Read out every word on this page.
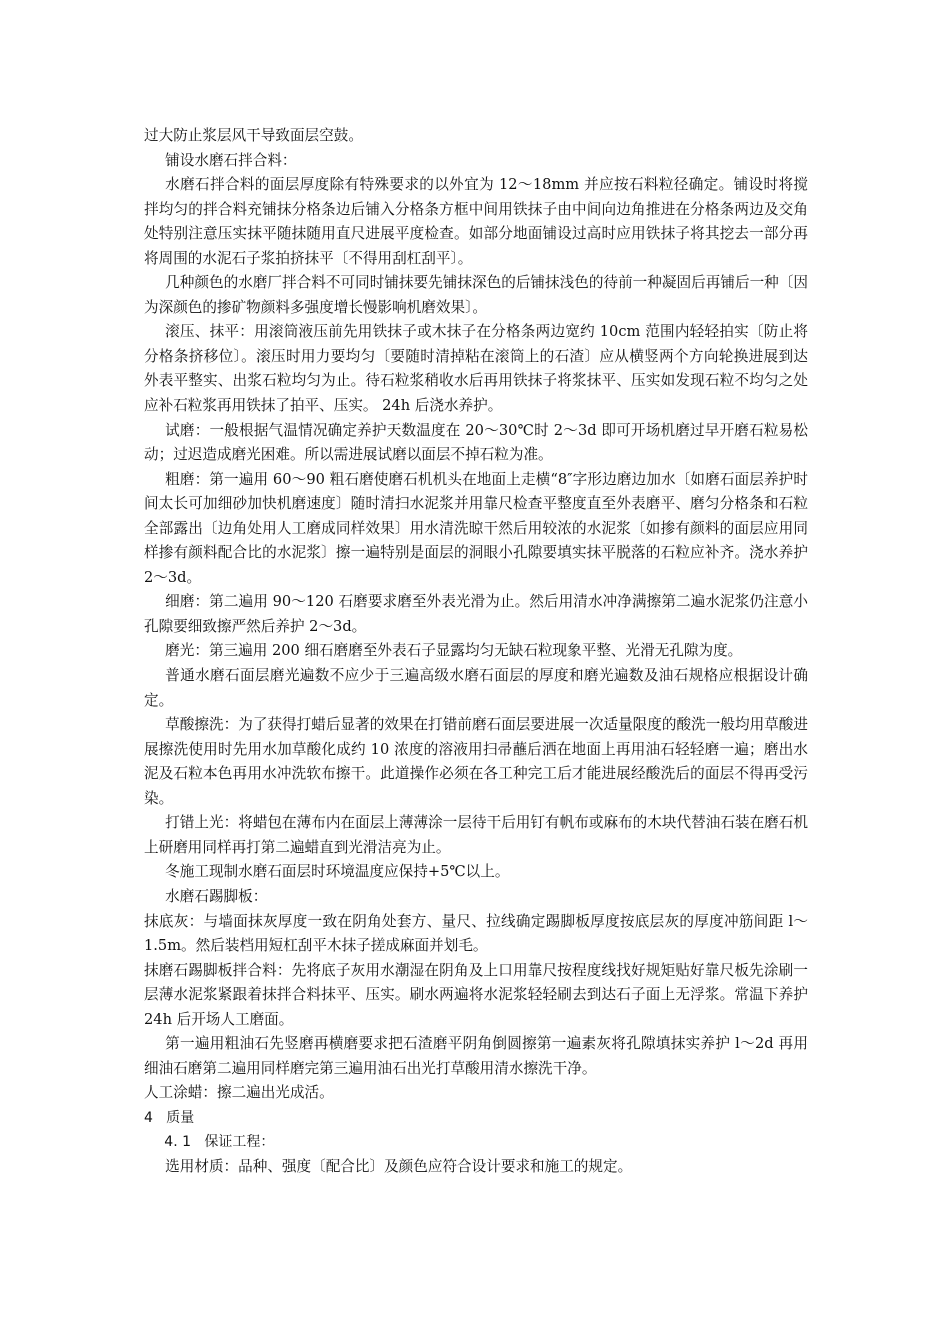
过大防止浆层风干导致面层空鼓。

铺设水磨石拌合料：

水磨石拌合料的面层厚度除有特殊要求的以外宜为 12～18mm 并应按石料粒径确定。铺设时将搅拌均匀的拌合料充铺抹分格条边后铺入分格条方框中间用铁抹子由中间向边角推进在分格条两边及交角处特别注意压实抹平随抹随用直尺进展平度检查。如部分地面铺设过高时应用铁抹子将其挖去一部分再将周围的水泥石子浆拍挤抹平〔不得用刮杠刮平〕。

几种颜色的水磨厂拌合料不可同时铺抹要先铺抹深色的后铺抹浅色的待前一种凝固后再铺后一种〔因为深颜色的掺矿物颜料多强度增长慢影响机磨效果〕。

滚压、抹平：用滚筒液压前先用铁抹子或木抹子在分格条两边宽约 10cm 范围内轻轻拍实〔防止将分格条挤移位〕。滚压时用力要均匀〔要随时清掉粘在滚筒上的石渣〕应从横竖两个方向轮换进展到达外表平整实、出浆石粒均匀为止。待石粒浆稍收水后再用铁抹子将浆抹平、压实如发现石粒不均匀之处应补石粒浆再用铁抹了拍平、压实。 24h 后浇水养护。

试磨：一般根据气温情况确定养护天数温度在 20～30℃时 2～3d 即可开场机磨过早开磨石粒易松动；过迟造成磨光困难。所以需进展试磨以面层不掉石粒为准。

粗磨：第一遍用 60～90 粗石磨使磨石机机头在地面上走横“8″字形边磨边加水〔如磨石面层养护时间太长可加细砂加快机磨速度〕随时清扫水泥浆并用靠尺检查平整度直至外表磨平、磨匀分格条和石粒全部露出〔边角处用人工磨成同样效果〕用水清洗晾干然后用较浓的水泥浆〔如掺有颜料的面层应用同样掺有颜料配合比的水泥浆〕擦一遍特别是面层的洞眼小孔隙要填实抹平脱落的石粒应补齐。浇水养护 2～3d。

细磨：第二遍用 90～120 石磨要求磨至外表光滑为止。然后用清水冲净满擦第二遍水泥浆仍注意小孔隙要细致擦严然后养护 2～3d。

磨光：第三遍用 200 细石磨磨至外表石子显露均匀无缺石粒现象平整、光滑无孔隙为度。

普通水磨石面层磨光遍数不应少于三遍高级水磨石面层的厚度和磨光遍数及油石规格应根据设计确定。

草酸擦洗：为了获得打蜡后显著的效果在打错前磨石面层要进展一次适量限度的酸洗一般均用草酸进展擦洗使用时先用水加草酸化成约 10 浓度的溶液用扫帚蘸后洒在地面上再用油石轻轻磨一遍；磨出水泥及石粒本色再用水冲洗软布擦干。此道操作必须在各工种完工后才能进展经酸洗后的面层不得再受污染。

打错上光：将蜡包在薄布内在面层上薄薄涂一层待干后用钉有帆布或麻布的木块代替油石装在磨石机上研磨用同样再打第二遍蜡直到光滑洁亮为止。

冬施工现制水磨石面层时环境温度应保持+5℃以上。

水磨石踢脚板：

抹底灰：与墙面抹灰厚度一致在阴角处套方、量尺、拉线确定踢脚板厚度按底层灰的厚度冲筋间距 l～1.5m。然后装档用短杠刮平木抹子搓成麻面并划毛。

抹磨石踢脚板拌合料：先将底子灰用水潮湿在阴角及上口用靠尺按程度线找好规矩贴好靠尺板先涂刷一层薄水泥浆紧跟着抹拌合料抹平、压实。刷水两遍将水泥浆轻轻刷去到达石子面上无浮浆。常温下养护 24h 后开场人工磨面。

第一遍用粗油石先竖磨再横磨要求把石渣磨平阴角倒圆擦第一遍素灰将孔隙填抹实养护 l～2d 再用细油石磨第二遍用同样磨完第三遍用油石出光打草酸用清水擦洗干净。

人工涂蜡：擦二遍出光成活。

4   质量

4. 1   保证工程：

选用材质：品种、强度〔配合比〕及颜色应符合设计要求和施工的规定。
